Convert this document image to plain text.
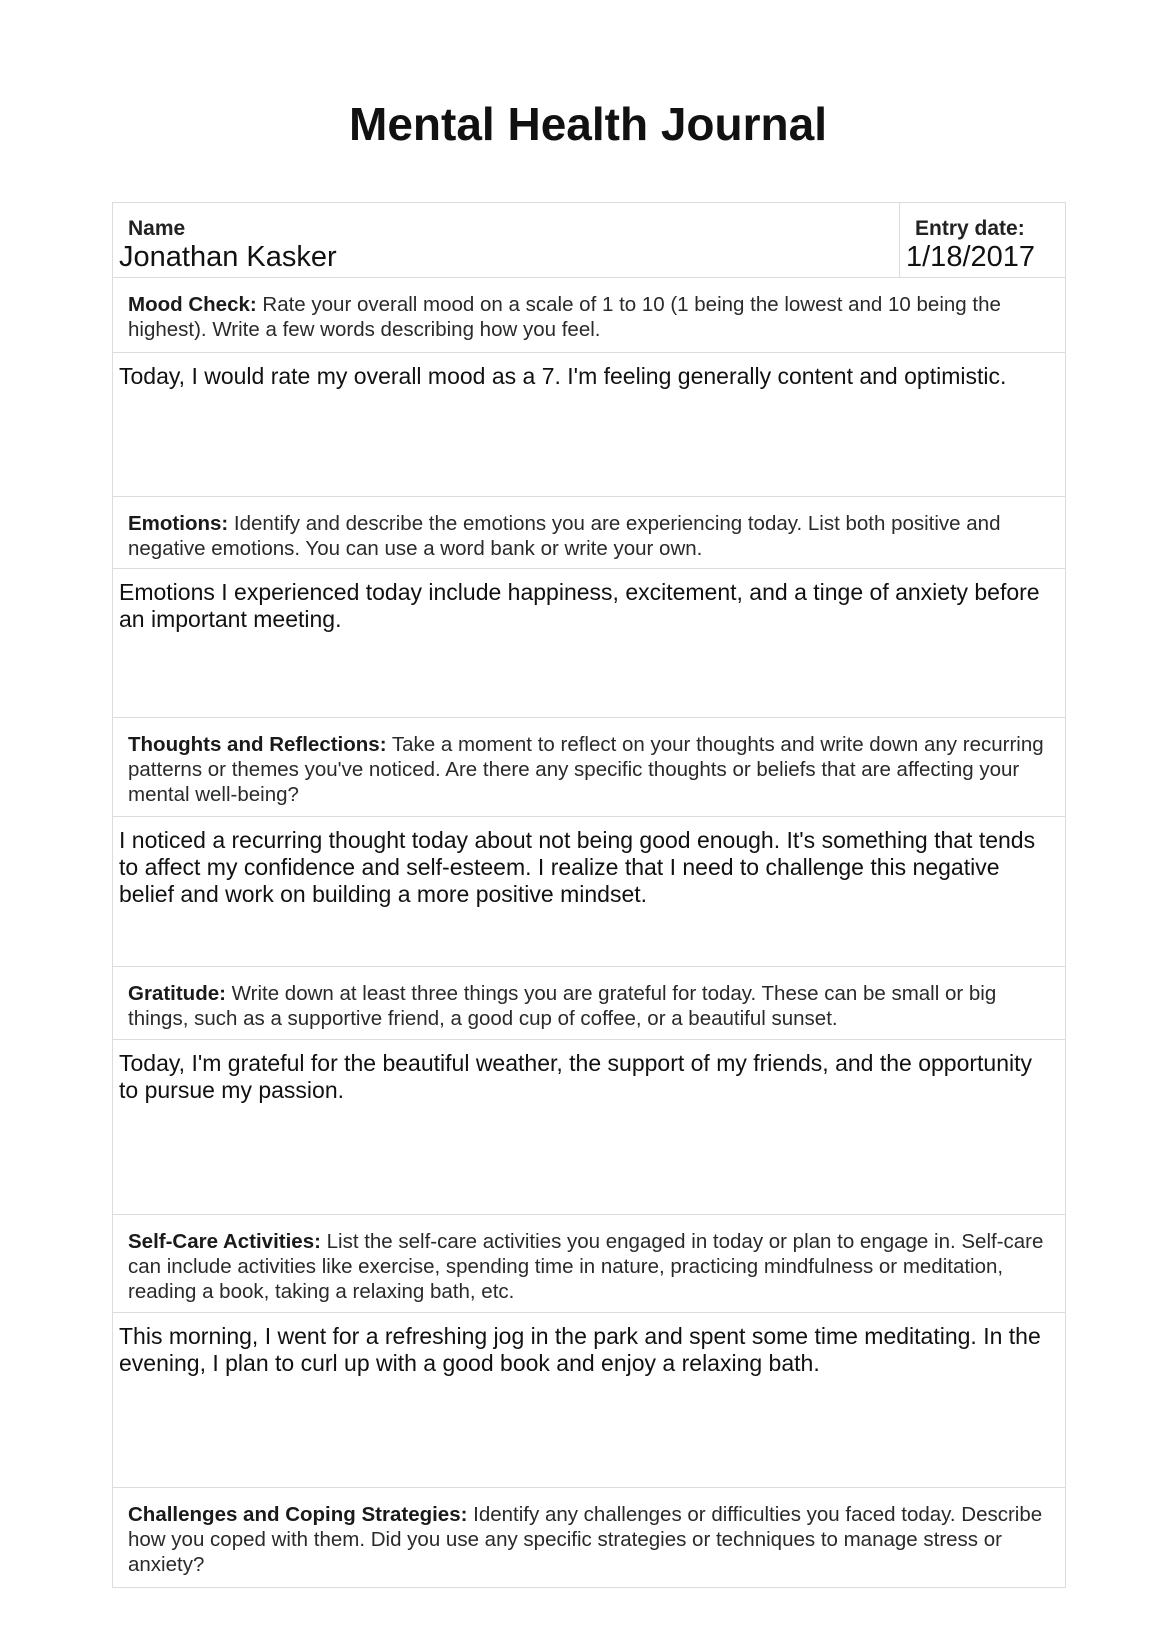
Mental Health Journal
Name
Jonathan Kasker
Entry date:
1/18/2017
Mood Check: Rate your overall mood on a scale of 1 to 10 (1 being the lowest and 10 being the highest). Write a few words describing how you feel.
Today, I would rate my overall mood as a 7. I'm feeling generally content and optimistic.
Emotions: Identify and describe the emotions you are experiencing today. List both positive and negative emotions. You can use a word bank or write your own.
Emotions I experienced today include happiness, excitement, and a tinge of anxiety before an important meeting.
Thoughts and Reflections: Take a moment to reflect on your thoughts and write down any recurring patterns or themes you've noticed. Are there any specific thoughts or beliefs that are affecting your mental well-being?
I noticed a recurring thought today about not being good enough. It's something that tends to affect my confidence and self-esteem. I realize that I need to challenge this negative belief and work on building a more positive mindset.
Gratitude: Write down at least three things you are grateful for today. These can be small or big things, such as a supportive friend, a good cup of coffee, or a beautiful sunset.
Today, I'm grateful for the beautiful weather, the support of my friends, and the opportunity to pursue my passion.
Self-Care Activities: List the self-care activities you engaged in today or plan to engage in. Self-care can include activities like exercise, spending time in nature, practicing mindfulness or meditation, reading a book, taking a relaxing bath, etc.
This morning, I went for a refreshing jog in the park and spent some time meditating. In the evening, I plan to curl up with a good book and enjoy a relaxing bath.
Challenges and Coping Strategies: Identify any challenges or difficulties you faced today. Describe how you coped with them. Did you use any specific strategies or techniques to manage stress or anxiety?
